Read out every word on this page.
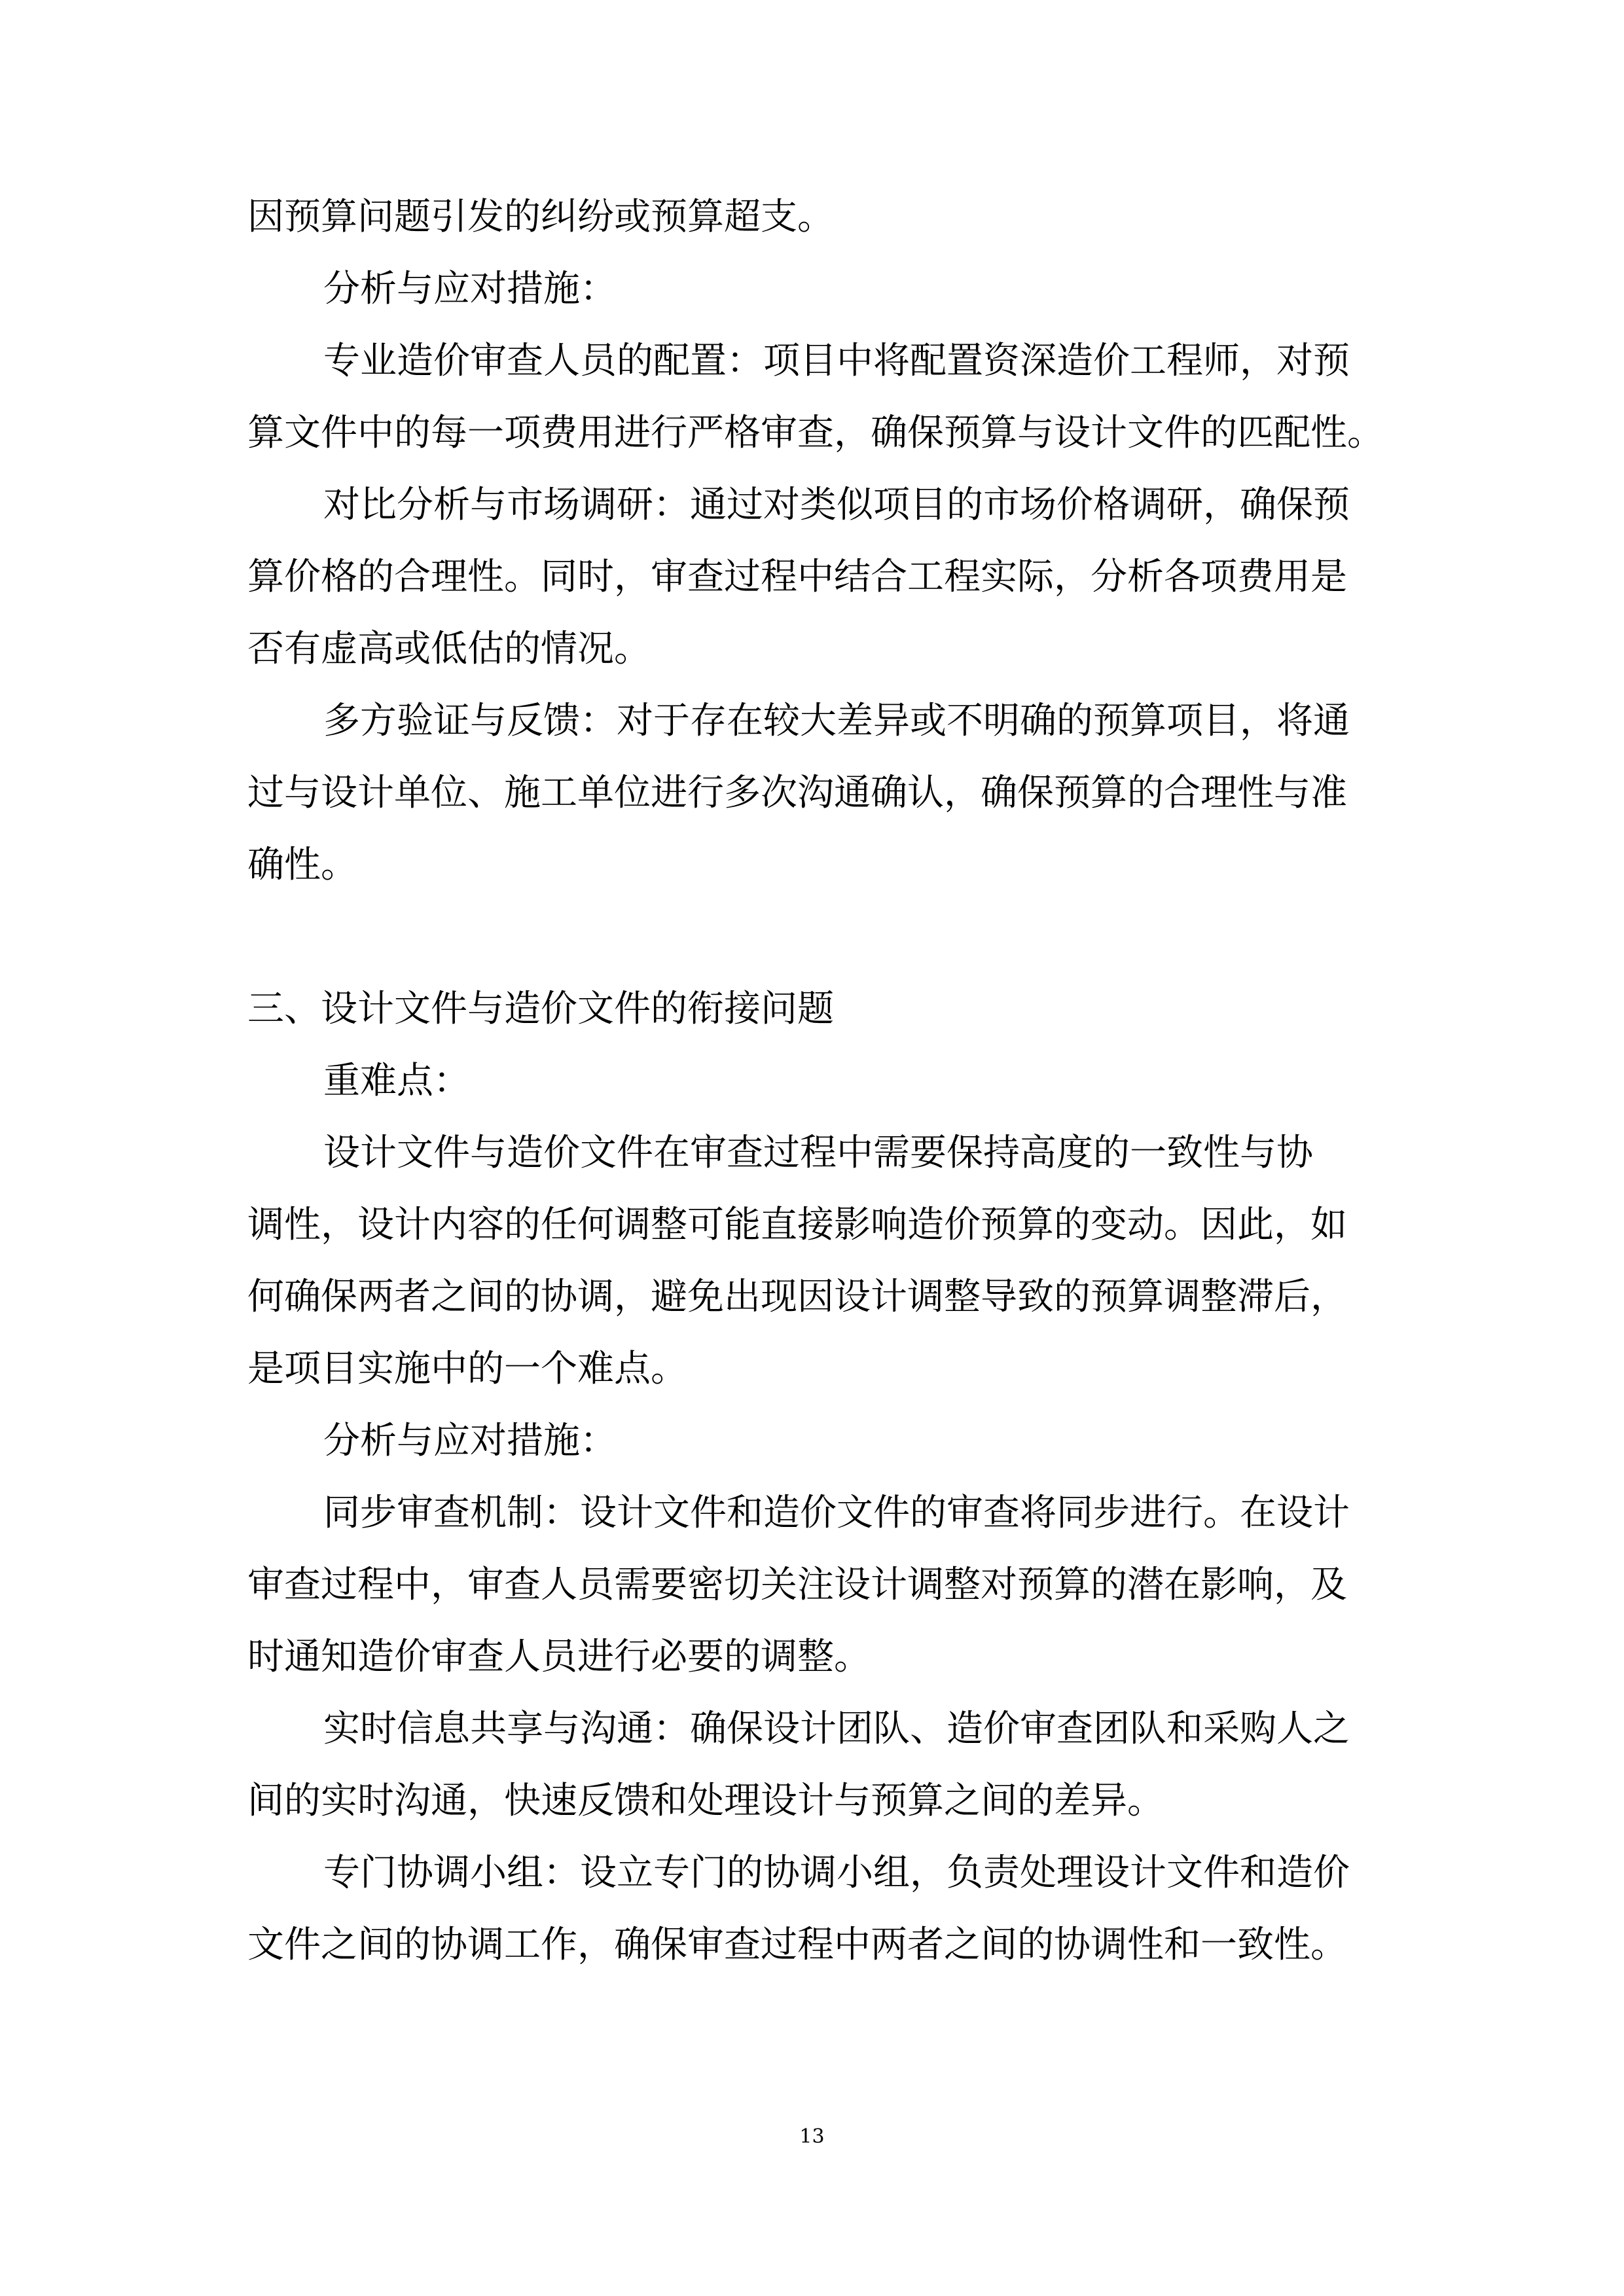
因预算问题引发的纠纷或预算超支。
分析与应对措施：
专业造价审查人员的配置：项目中将配置资深造价工程师，对预
算文件中的每一项费用进行严格审查，确保预算与设计文件的匹配性。
对比分析与市场调研：通过对类似项目的市场价格调研，确保预
算价格的合理性。同时，审查过程中结合工程实际，分析各项费用是
否有虚高或低估的情况。
多方验证与反馈：对于存在较大差异或不明确的预算项目，将通
过与设计单位、施工单位进行多次沟通确认，确保预算的合理性与准
确性。
三、设计文件与造价文件的衔接问题
重难点：
设计文件与造价文件在审查过程中需要保持高度的一致性与协
调性，设计内容的任何调整可能直接影响造价预算的变动。因此，如
何确保两者之间的协调，避免出现因设计调整导致的预算调整滞后，
是项目实施中的一个难点。
分析与应对措施：
同步审查机制：设计文件和造价文件的审查将同步进行。在设计
审查过程中，审查人员需要密切关注设计调整对预算的潜在影响，及
时通知造价审查人员进行必要的调整。
实时信息共享与沟通：确保设计团队、造价审查团队和采购人之
间的实时沟通，快速反馈和处理设计与预算之间的差异。
专门协调小组：设立专门的协调小组，负责处理设计文件和造价
文件之间的协调工作，确保审查过程中两者之间的协调性和一致性。
13
